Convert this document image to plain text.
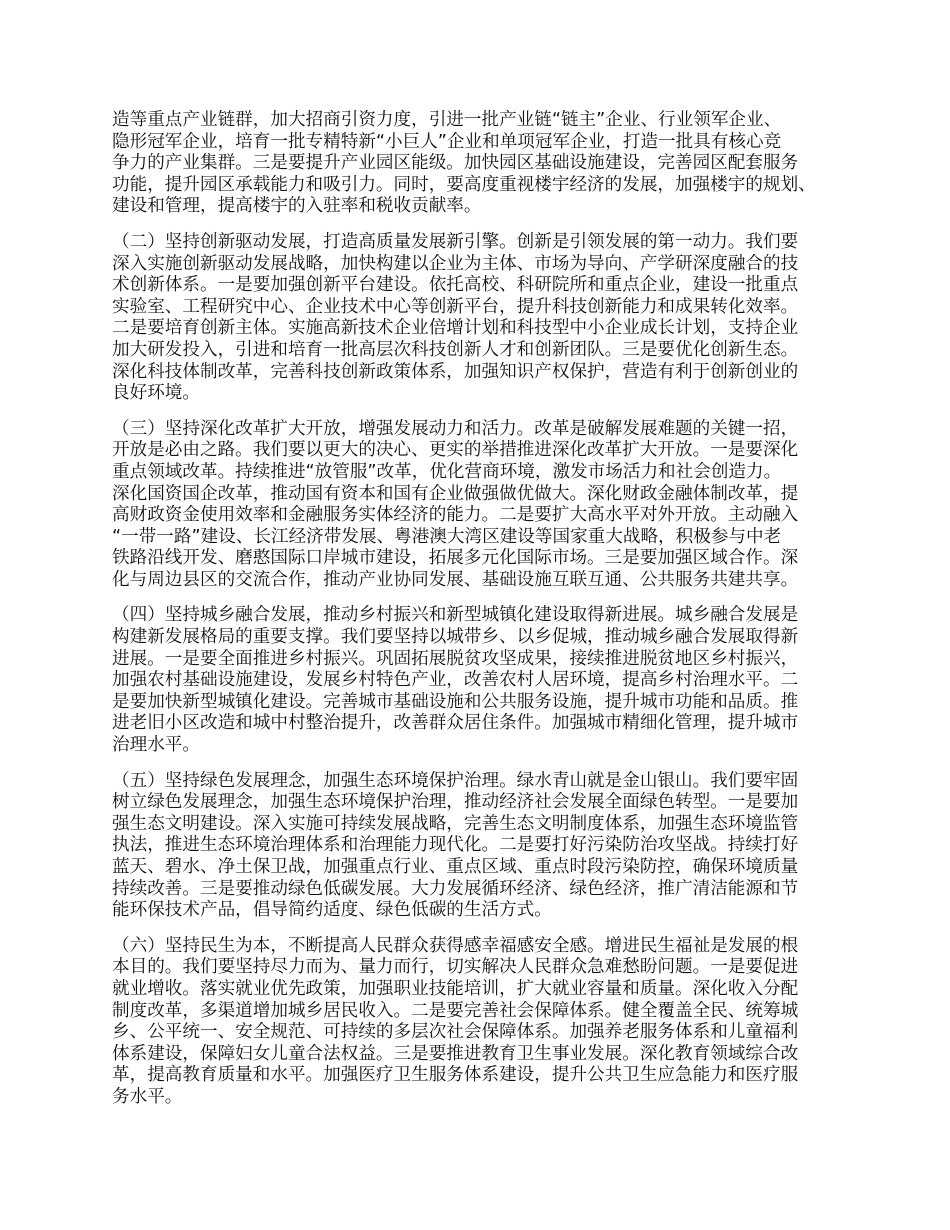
造等重点产业链群，加大招商引资力度，引进一批产业链“链主”企业、行业领军企业、
隐形冠军企业，培育一批专精特新“小巨人”企业和单项冠军企业，打造一批具有核心竞
争力的产业集群。三是要提升产业园区能级。加快园区基础设施建设，完善园区配套服务
功能，提升园区承载能力和吸引力。同时，要高度重视楼宇经济的发展，加强楼宇的规划、
建设和管理，提高楼宇的入驻率和税收贡献率。
（二）坚持创新驱动发展，打造高质量发展新引擎。创新是引领发展的第一动力。我们要
深入实施创新驱动发展战略，加快构建以企业为主体、市场为导向、产学研深度融合的技
术创新体系。一是要加强创新平台建设。依托高校、科研院所和重点企业，建设一批重点
实验室、工程研究中心、企业技术中心等创新平台，提升科技创新能力和成果转化效率。
二是要培育创新主体。实施高新技术企业倍增计划和科技型中小企业成长计划，支持企业
加大研发投入，引进和培育一批高层次科技创新人才和创新团队。三是要优化创新生态。
深化科技体制改革，完善科技创新政策体系，加强知识产权保护，营造有利于创新创业的
良好环境。
（三）坚持深化改革扩大开放，增强发展动力和活力。改革是破解发展难题的关键一招，
开放是必由之路。我们要以更大的决心、更实的举措推进深化改革扩大开放。一是要深化
重点领域改革。持续推进“放管服”改革，优化营商环境，激发市场活力和社会创造力。
深化国资国企改革，推动国有资本和国有企业做强做优做大。深化财政金融体制改革，提
高财政资金使用效率和金融服务实体经济的能力。二是要扩大高水平对外开放。主动融入
“一带一路”建设、长江经济带发展、粤港澳大湾区建设等国家重大战略，积极参与中老
铁路沿线开发、磨憨国际口岸城市建设，拓展多元化国际市场。三是要加强区域合作。深
化与周边县区的交流合作，推动产业协同发展、基础设施互联互通、公共服务共建共享。
（四）坚持城乡融合发展，推动乡村振兴和新型城镇化建设取得新进展。城乡融合发展是
构建新发展格局的重要支撑。我们要坚持以城带乡、以乡促城，推动城乡融合发展取得新
进展。一是要全面推进乡村振兴。巩固拓展脱贫攻坚成果，接续推进脱贫地区乡村振兴，
加强农村基础设施建设，发展乡村特色产业，改善农村人居环境，提高乡村治理水平。二
是要加快新型城镇化建设。完善城市基础设施和公共服务设施，提升城市功能和品质。推
进老旧小区改造和城中村整治提升，改善群众居住条件。加强城市精细化管理，提升城市
治理水平。
（五）坚持绿色发展理念，加强生态环境保护治理。绿水青山就是金山银山。我们要牢固
树立绿色发展理念，加强生态环境保护治理，推动经济社会发展全面绿色转型。一是要加
强生态文明建设。深入实施可持续发展战略，完善生态文明制度体系，加强生态环境监管
执法，推进生态环境治理体系和治理能力现代化。二是要打好污染防治攻坚战。持续打好
蓝天、碧水、净土保卫战，加强重点行业、重点区域、重点时段污染防控，确保环境质量
持续改善。三是要推动绿色低碳发展。大力发展循环经济、绿色经济，推广清洁能源和节
能环保技术产品，倡导简约适度、绿色低碳的生活方式。
（六）坚持民生为本，不断提高人民群众获得感幸福感安全感。增进民生福祉是发展的根
本目的。我们要坚持尽力而为、量力而行，切实解决人民群众急难愁盼问题。一是要促进
就业增收。落实就业优先政策，加强职业技能培训，扩大就业容量和质量。深化收入分配
制度改革，多渠道增加城乡居民收入。二是要完善社会保障体系。健全覆盖全民、统筹城
乡、公平统一、安全规范、可持续的多层次社会保障体系。加强养老服务体系和儿童福利
体系建设，保障妇女儿童合法权益。三是要推进教育卫生事业发展。深化教育领域综合改
革，提高教育质量和水平。加强医疗卫生服务体系建设，提升公共卫生应急能力和医疗服
务水平。
